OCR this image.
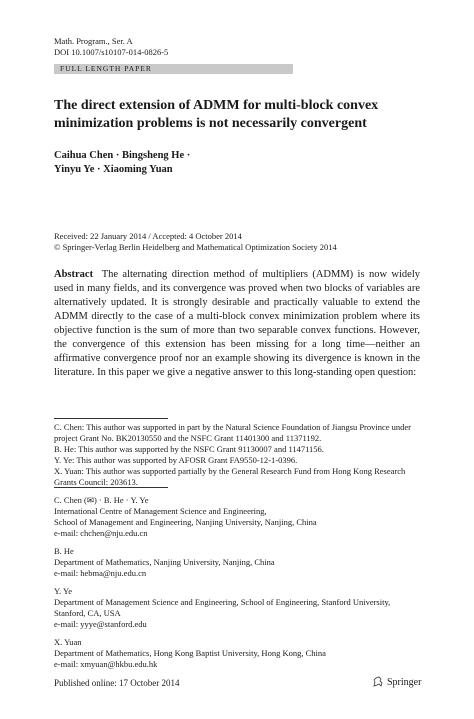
Math. Program., Ser. A
DOI 10.1007/s10107-014-0826-5
FULL LENGTH PAPER
The direct extension of ADMM for multi-block convex
minimization problems is not necessarily convergent
Caihua Chen · Bingsheng He ·
Yinyu Ye · Xiaoming Yuan
Received: 22 January 2014 / Accepted: 4 October 2014
© Springer-Verlag Berlin Heidelberg and Mathematical Optimization Society 2014
Abstract The alternating direction method of multipliers (ADMM) is now widely used in many fields, and its convergence was proved when two blocks of variables are alternatively updated. It is strongly desirable and practically valuable to extend the ADMM directly to the case of a multi-block convex minimization problem where its objective function is the sum of more than two separable convex functions. However, the convergence of this extension has been missing for a long time—neither an affirmative convergence proof nor an example showing its divergence is known in the literature. In this paper we give a negative answer to this long-standing open question:
C. Chen: This author was supported in part by the Natural Science Foundation of Jiangsu Province under
project Grant No. BK20130550 and the NSFC Grant 11401300 and 11371192.
B. He: This author was supported by the NSFC Grant 91130007 and 11471156.
Y. Ye: This author was supported by AFOSR Grant FA9550-12-1-0396.
X. Yuan: This author was supported partially by the General Research Fund from Hong Kong Research
Grants Council: 203613.
C. Chen (✉) · B. He · Y. Ye
International Centre of Management Science and Engineering,
School of Management and Engineering, Nanjing University, Nanjing, China
e-mail: chchen@nju.edu.cn
B. He
Department of Mathematics, Nanjing University, Nanjing, China
e-mail: hebma@nju.edu.cn
Y. Ye
Department of Management Science and Engineering, School of Engineering, Stanford University,
Stanford, CA, USA
e-mail: yyye@stanford.edu
X. Yuan
Department of Mathematics, Hong Kong Baptist University, Hong Kong, China
e-mail: xmyuan@hkbu.edu.hk
Published online: 17 October 2014	Springer
